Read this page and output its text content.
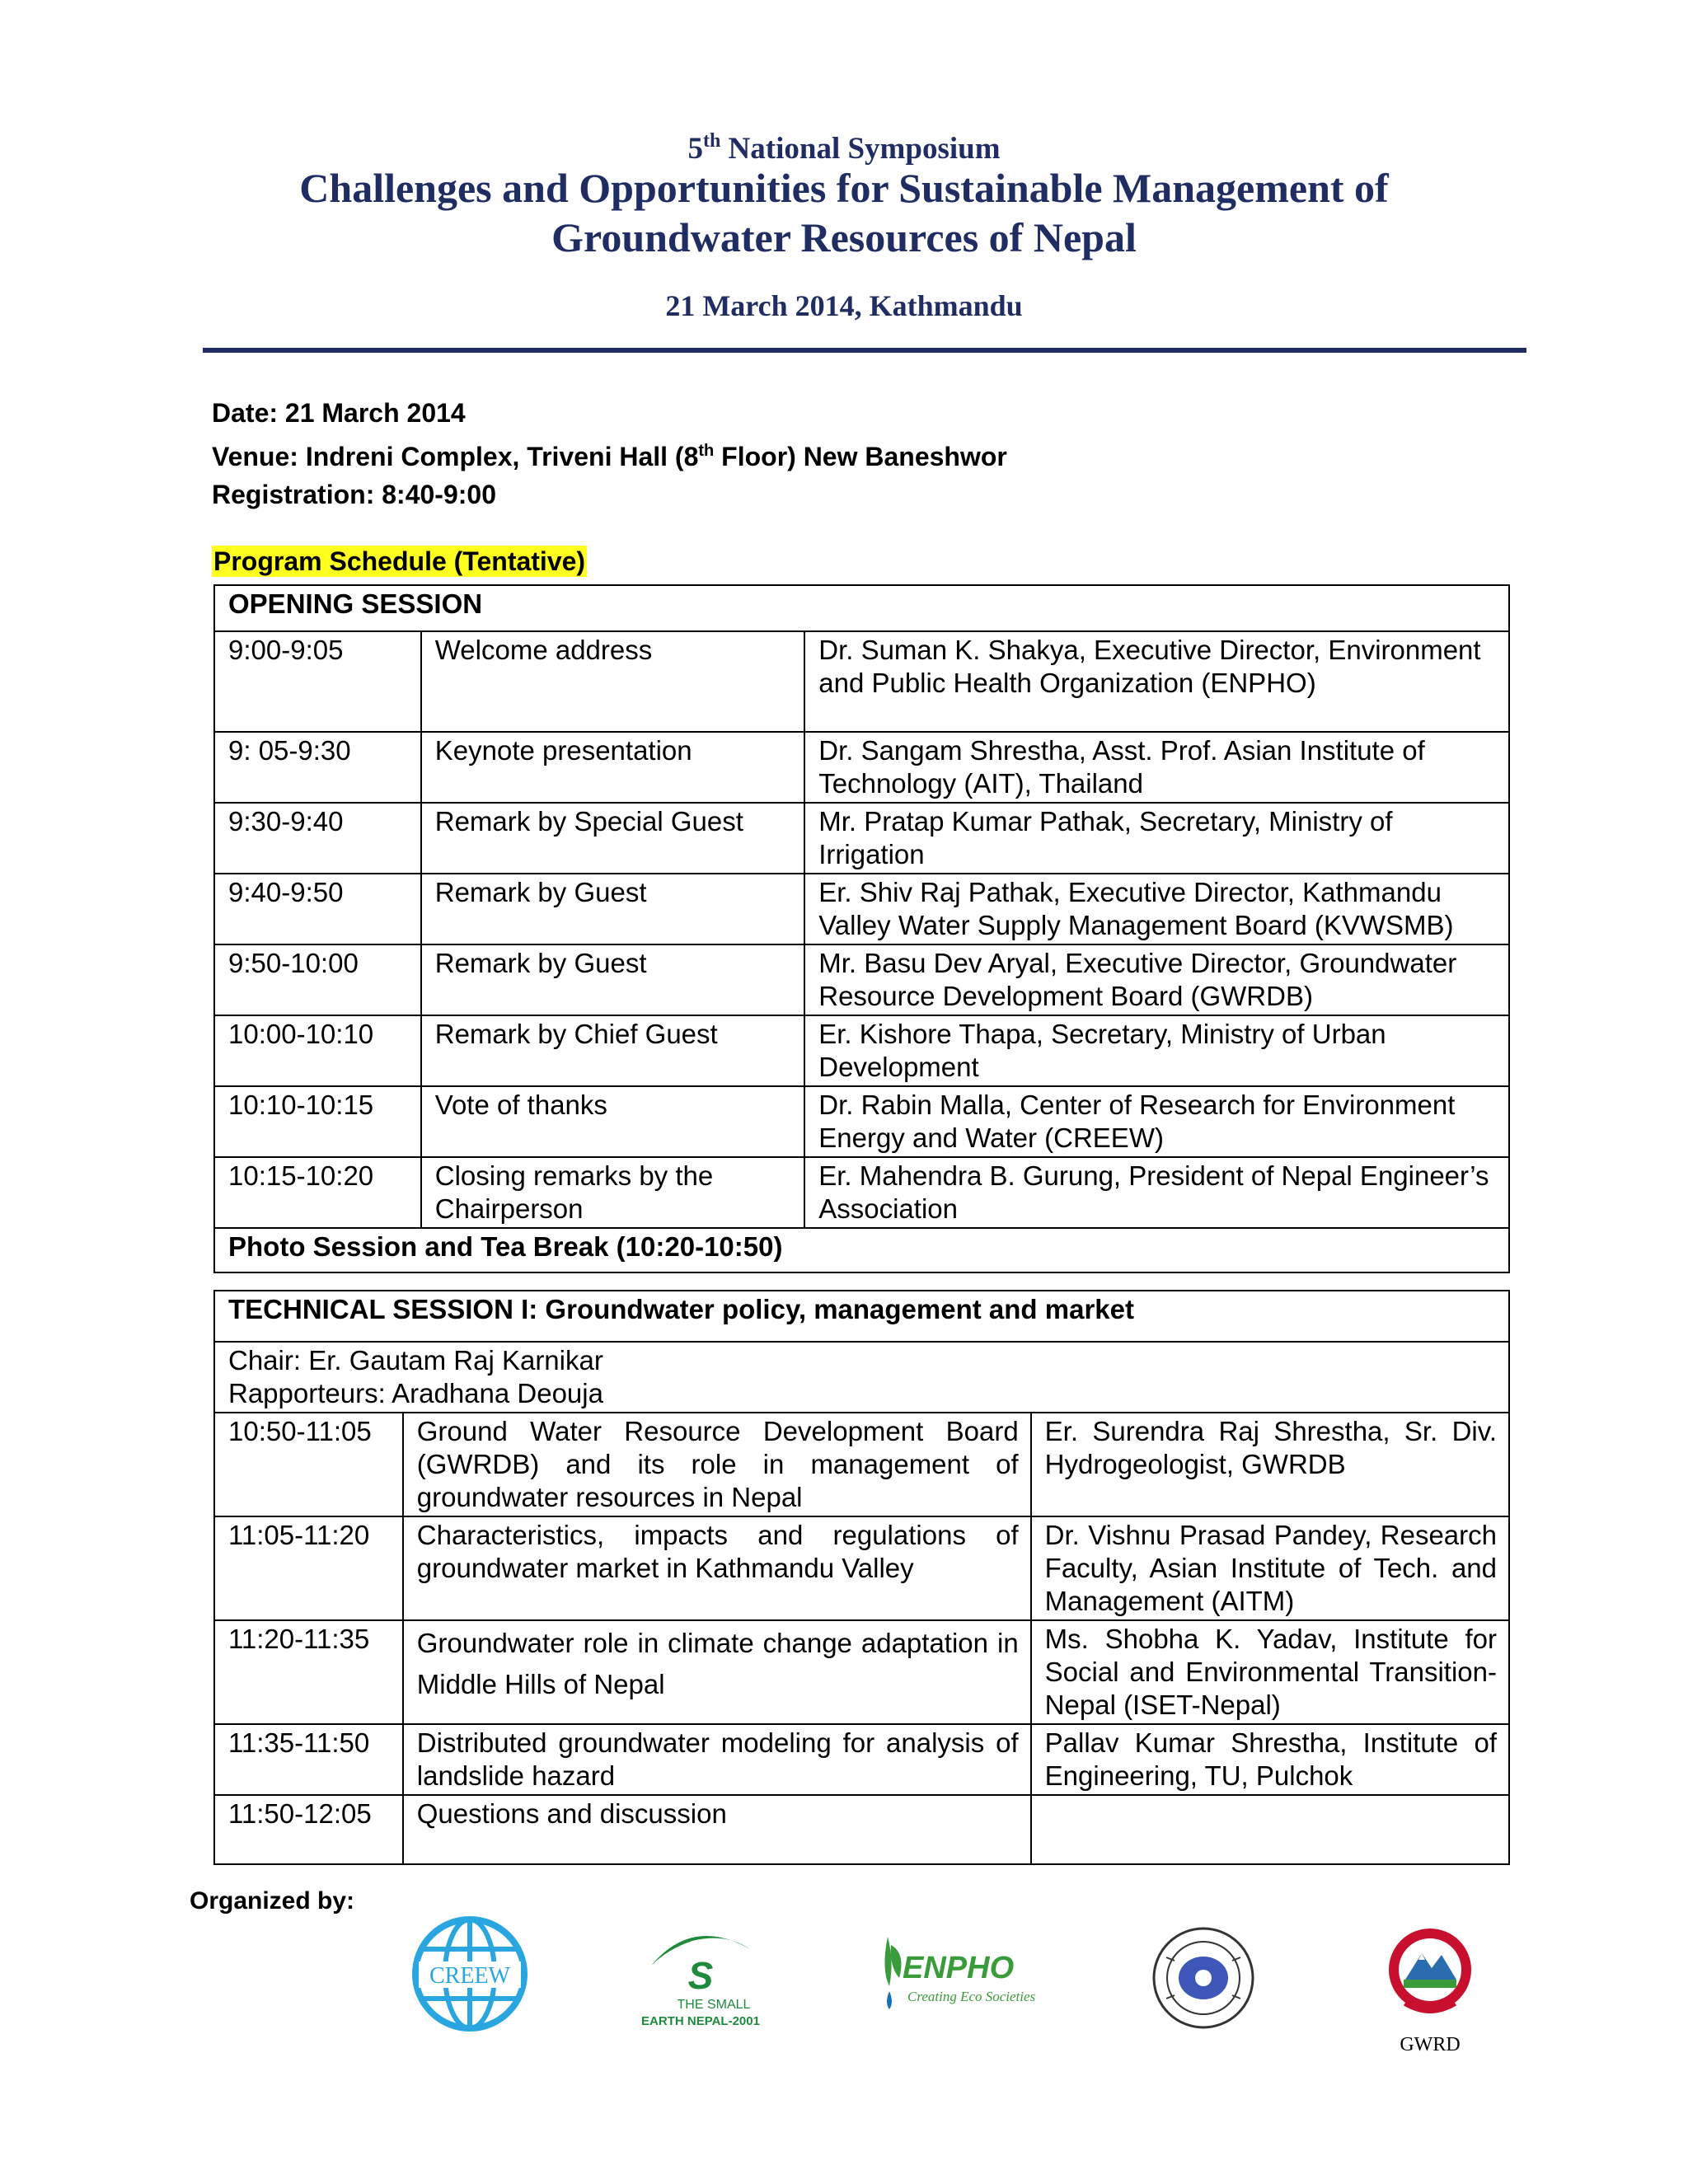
5th National Symposium
Challenges and Opportunities for Sustainable Management of
Groundwater Resources of Nepal
21 March 2014, Kathmandu
Date: 21 March 2014
Venue: Indreni Complex, Triveni Hall (8th Floor) New Baneshwor
Registration: 8:40-9:00
Program Schedule (Tentative)
OPENING SESSION		
9:00-9:05	Welcome address	Dr. Suman K. Shakya, Executive Director, Environment and Public Health Organization (ENPHO)
9: 05-9:30	Keynote presentation	Dr. Sangam Shrestha, Asst. Prof. Asian Institute of Technology (AIT), Thailand
9:30-9:40	Remark by Special Guest	Mr. Pratap Kumar Pathak, Secretary, Ministry of Irrigation
9:40-9:50	Remark by Guest	Er. Shiv Raj Pathak, Executive Director, Kathmandu Valley Water Supply Management Board (KVWSMB)
9:50-10:00	Remark by Guest	Mr. Basu Dev Aryal, Executive Director, Groundwater Resource Development Board (GWRDB)
10:00-10:10	Remark by Chief Guest	Er. Kishore Thapa, Secretary, Ministry of Urban Development
10:10-10:15	Vote of thanks	Dr. Rabin Malla, Center of Research for Environment Energy and Water (CREEW)
10:15-10:20	Closing remarks by the Chairperson	Er. Mahendra B. Gurung, President of Nepal Engineer’s Association
Photo Session and Tea Break (10:20-10:50)		
TECHNICAL SESSION I: Groundwater policy, management and market		

Chair: Er. Gautam Raj Karnikar
Rapporteurs: Aradhana Deouja		

10:50-11:05	Ground Water Resource Development Board (GWRDB) and its role in management of groundwater resources in Nepal	Er. Surendra Raj Shrestha, Sr. Div. Hydrogeologist, GWRDB
11:05-11:20	Characteristics, impacts and regulations of groundwater market in Kathmandu Valley	Dr. Vishnu Prasad Pandey, Research Faculty, Asian Institute of Tech. and Management (AITM)
11:20-11:35	Groundwater role in climate change adaptation in Middle Hills of Nepal	Ms. Shobha K. Yadav, Institute for Social and Environmental Transition-Nepal (ISET-Nepal)
11:35-11:50	Distributed groundwater modeling for analysis of landslide hazard	Pallav Kumar Shrestha, Institute of Engineering, TU, Pulchok
11:50-12:05	Questions and discussion	
Organized by:
CREEW	S
THE SMALL
EARTH NEPAL-2001
ENPHO
Creating Eco Societies
GWRD
